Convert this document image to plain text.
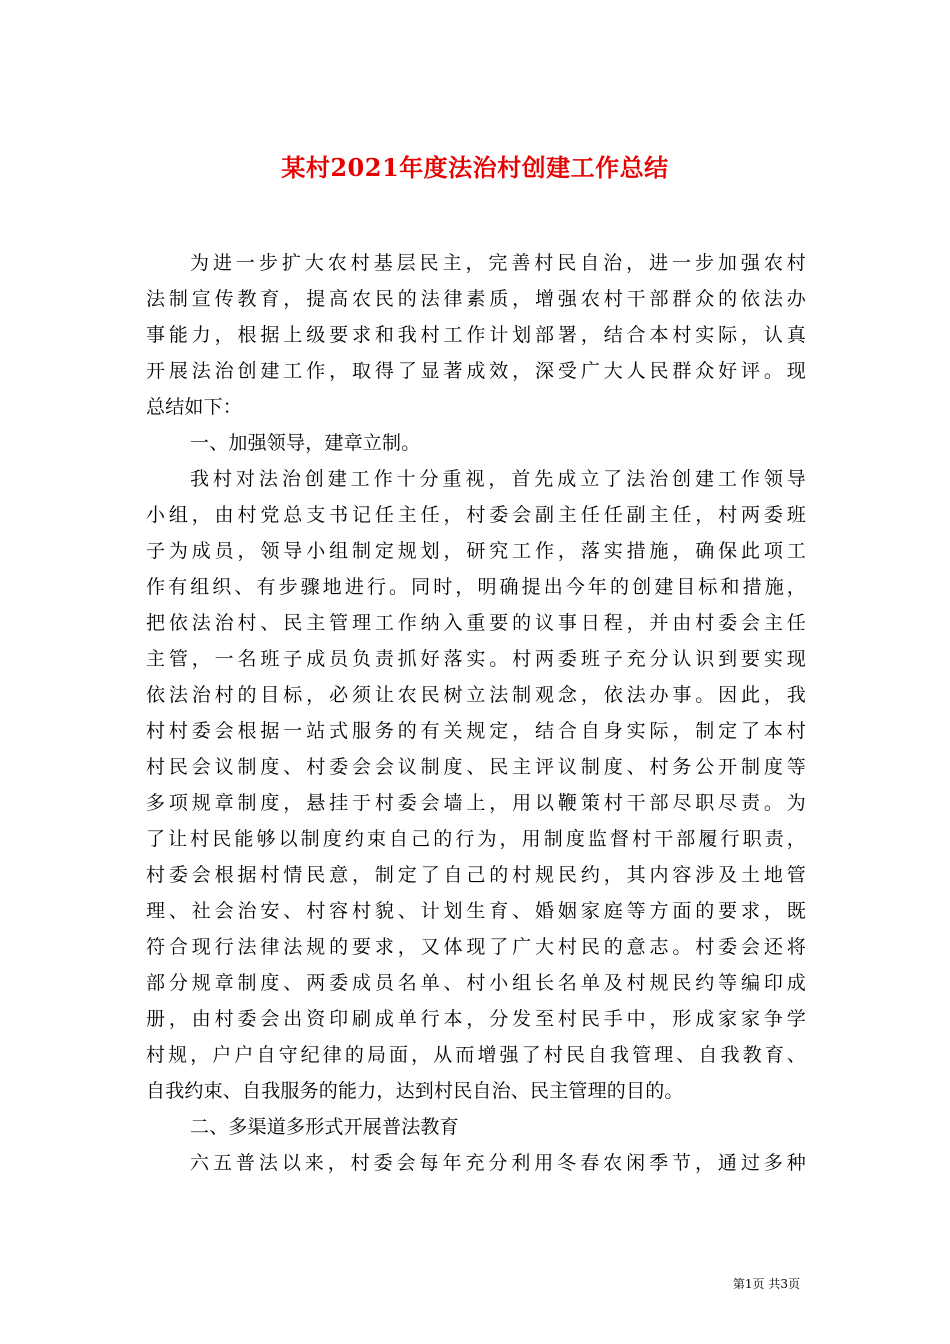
某村2021年度法治村创建工作总结
为进一步扩大农村基层民主，完善村民自治，进一步加强农村
法制宣传教育，提高农民的法律素质，增强农村干部群众的依法办
事能力，根据上级要求和我村工作计划部署，结合本村实际，认真
开展法治创建工作，取得了显著成效，深受广大人民群众好评。现
总结如下：
一、加强领导，建章立制。
我村对法治创建工作十分重视，首先成立了法治创建工作领导
小组，由村党总支书记任主任，村委会副主任任副主任，村两委班
子为成员，领导小组制定规划，研究工作，落实措施，确保此项工
作有组织、有步骤地进行。同时，明确提出今年的创建目标和措施，
把依法治村、民主管理工作纳入重要的议事日程，并由村委会主任
主管，一名班子成员负责抓好落实。村两委班子充分认识到要实现
依法治村的目标，必须让农民树立法制观念，依法办事。因此，我
村村委会根据一站式服务的有关规定，结合自身实际，制定了本村
村民会议制度、村委会会议制度、民主评议制度、村务公开制度等
多项规章制度，悬挂于村委会墙上，用以鞭策村干部尽职尽责。为
了让村民能够以制度约束自己的行为，用制度监督村干部履行职责，
村委会根据村情民意，制定了自己的村规民约，其内容涉及土地管
理、社会治安、村容村貌、计划生育、婚姻家庭等方面的要求，既
符合现行法律法规的要求，又体现了广大村民的意志。村委会还将
部分规章制度、两委成员名单、村小组长名单及村规民约等编印成
册，由村委会出资印刷成单行本，分发至村民手中，形成家家争学
村规，户户自守纪律的局面，从而增强了村民自我管理、自我教育、
自我约束、自我服务的能力，达到村民自治、民主管理的目的。
二、多渠道多形式开展普法教育
六五普法以来，村委会每年充分利用冬春农闲季节，通过多种
第1页 共3页
